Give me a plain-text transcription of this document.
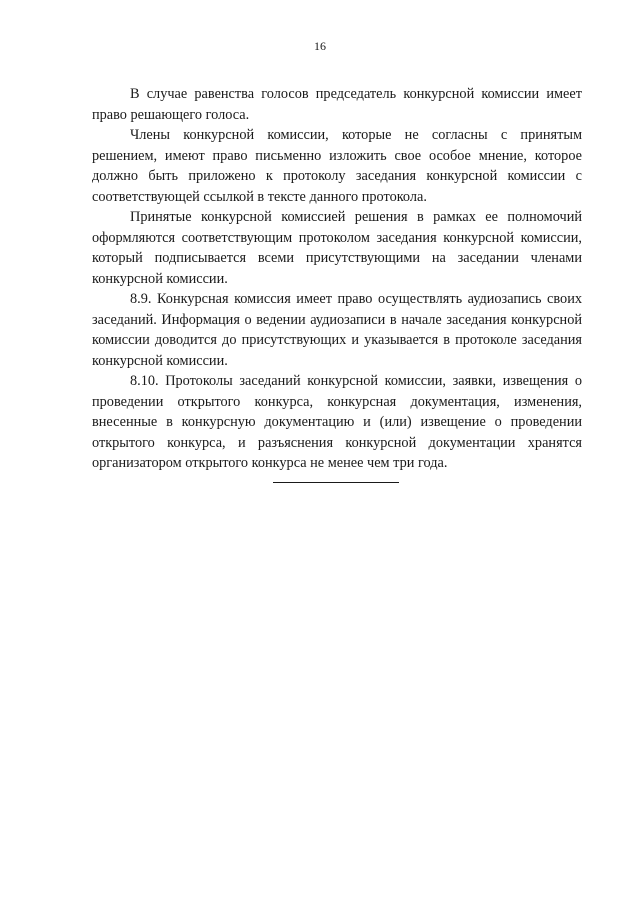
16

В случае равенства голосов председатель конкурсной комиссии имеет право решающего голоса.

Члены конкурсной комиссии, которые не согласны с принятым решением, имеют право письменно изложить свое особое мнение, которое должно быть приложено к протоколу заседания конкурсной комиссии с соответствующей ссылкой в тексте данного протокола.

Принятые конкурсной комиссией решения в рамках ее полномочий оформляются соответствующим протоколом заседания конкурсной комиссии, который подписывается всеми присутствующими на заседании членами конкурсной комиссии.

8.9. Конкурсная комиссия имеет право осуществлять аудиозапись своих заседаний. Информация о ведении аудиозаписи в начале заседания конкурсной комиссии доводится до присутствующих и указывается в протоколе заседания конкурсной комиссии.

8.10. Протоколы заседаний конкурсной комиссии, заявки, извещения о проведении открытого конкурса, конкурсная документация, изменения, внесенные в конкурсную документацию и (или) извещение о проведении открытого конкурса, и разъяснения конкурсной документации хранятся организатором открытого конкурса не менее чем три года.
